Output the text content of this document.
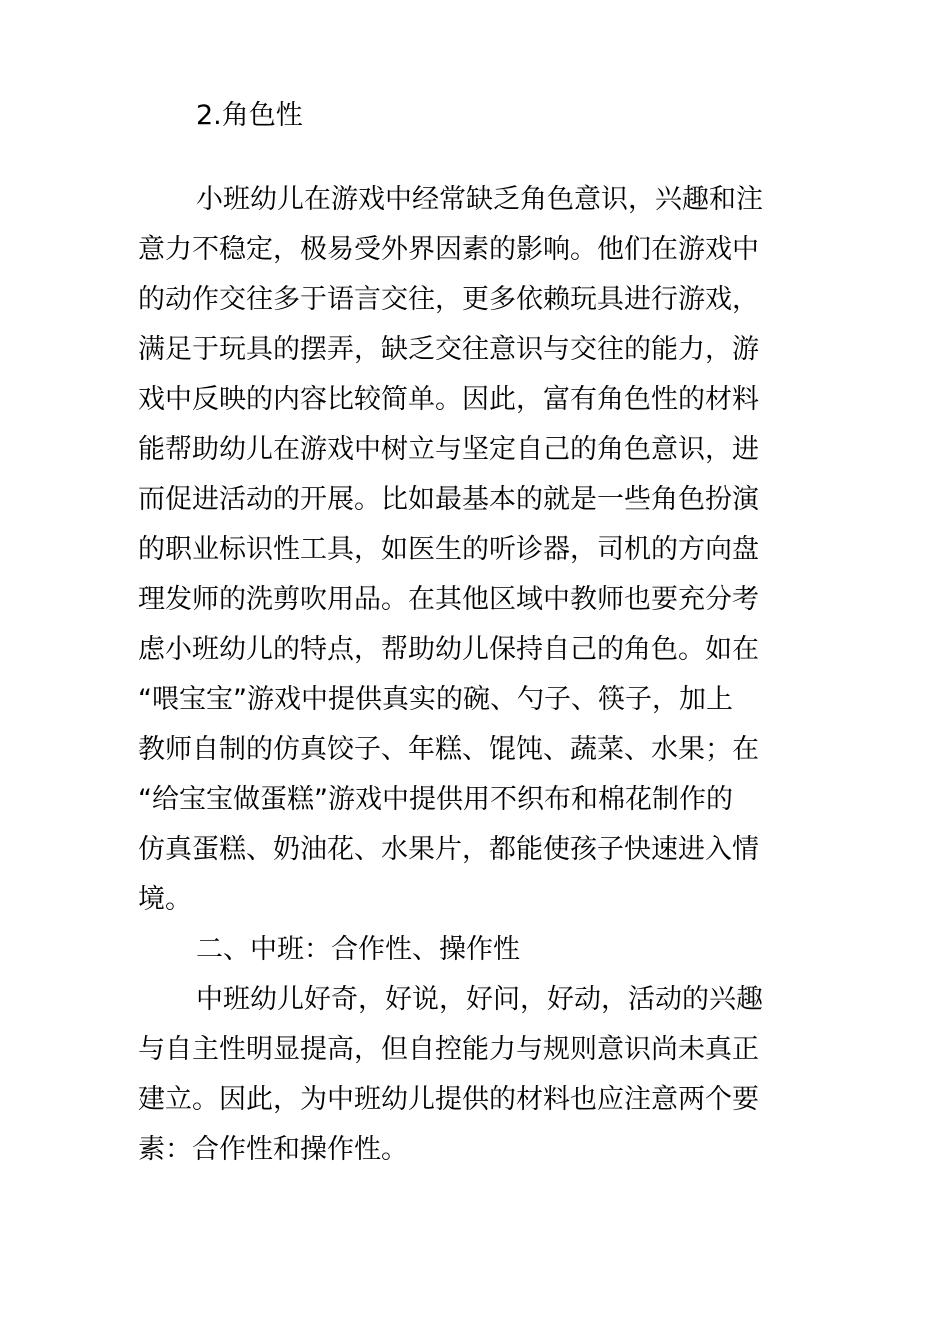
2.角色性
小班幼儿在游戏中经常缺乏角色意识，兴趣和注
意力不稳定，极易受外界因素的影响。他们在游戏中
的动作交往多于语言交往，更多依赖玩具进行游戏，
满足于玩具的摆弄，缺乏交往意识与交往的能力，游
戏中反映的内容比较简单。因此，富有角色性的材料
能帮助幼儿在游戏中树立与坚定自己的角色意识，进
而促进活动的开展。比如最基本的就是一些角色扮演
的职业标识性工具，如医生的听诊器，司机的方向盘
理发师的洗剪吹用品。在其他区域中教师也要充分考
虑小班幼儿的特点，帮助幼儿保持自己的角色。如在
“喂宝宝”游戏中提供真实的碗、勺子、筷子，加上
教师自制的仿真饺子、年糕、馄饨、蔬菜、水果；在
“给宝宝做蛋糕”游戏中提供用不织布和棉花制作的
仿真蛋糕、奶油花、水果片，都能使孩子快速进入情
境。
二、中班：合作性、操作性
中班幼儿好奇，好说，好问，好动，活动的兴趣
与自主性明显提高，但自控能力与规则意识尚未真正
建立。因此，为中班幼儿提供的材料也应注意两个要
素：合作性和操作性。
